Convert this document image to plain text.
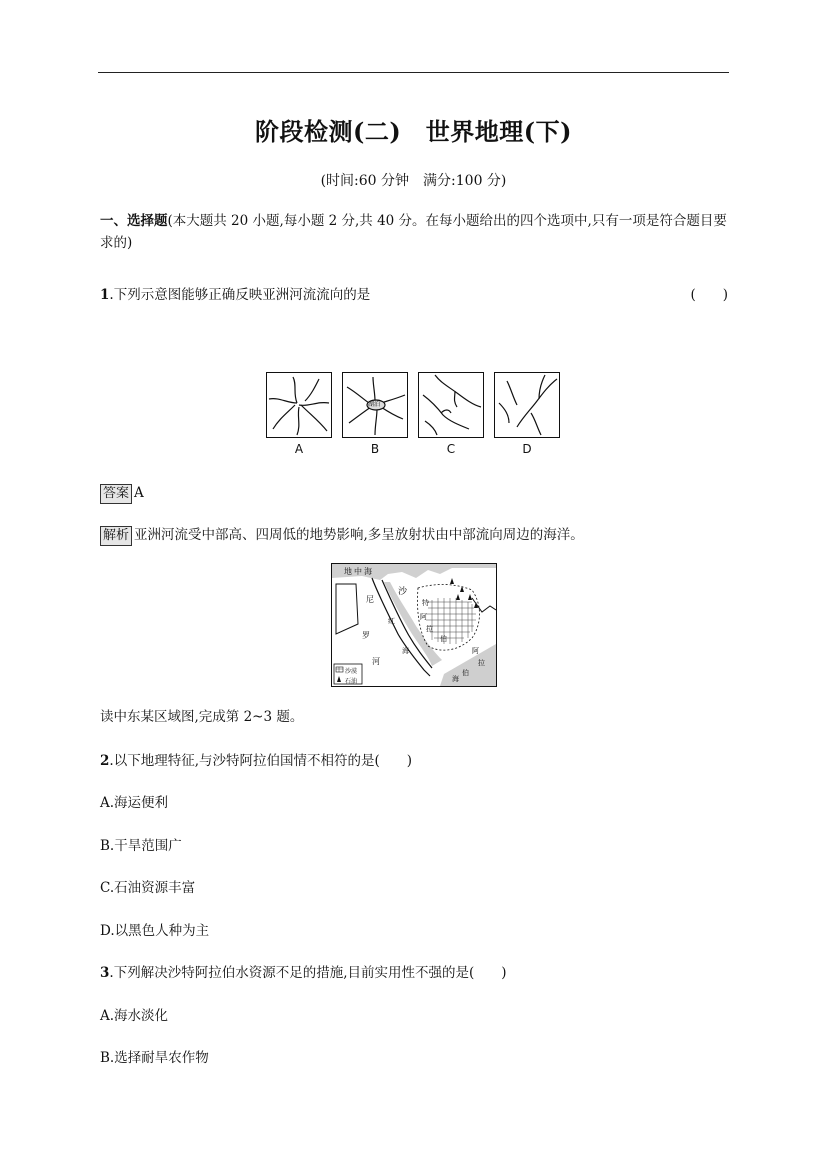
阶段检测(二)　世界地理(下)
(时间:60 分钟　满分:100 分)
一、选择题(本大题共 20 小题,每小题 2 分,共 40 分。在每小题给出的四个选项中,只有一项是符合题目要求的)
1.下列示意图能够正确反映亚洲河流流向的是	(　　)
湖泊
A	B	C	D
答案 A
解析 亚洲河流受中部高、四周低的地势影响,多呈放射状由中部流向周边的海洋。
地 中 海
沙
特
阿
拉
伯
尼
罗
河
红
海	阿
拉
伯
海
沙漠
石油
读中东某区域图,完成第 2~3 题。
2.以下地理特征,与沙特阿拉伯国情不相符的是(　　)
A.海运便利
B.干旱范围广
C.石油资源丰富
D.以黑色人种为主
3.下列解决沙特阿拉伯水资源不足的措施,目前实用性不强的是(　　)
A.海水淡化
B.选择耐旱农作物
